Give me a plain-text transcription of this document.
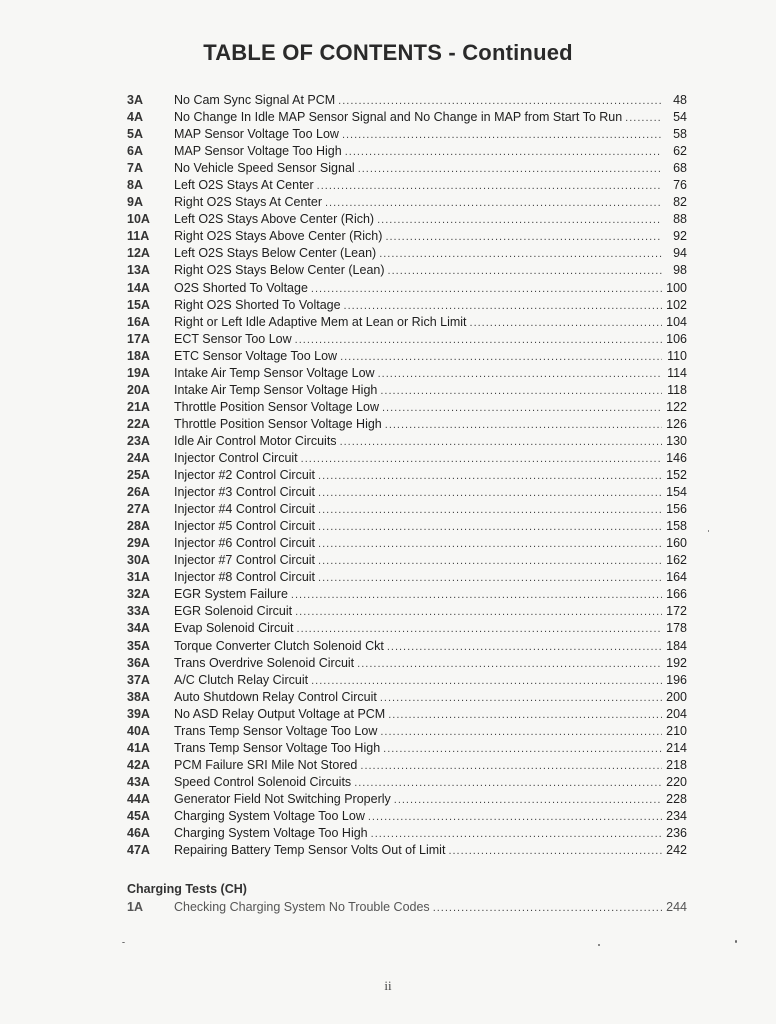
TABLE OF CONTENTS - Continued
3A	No Cam Sync Signal At PCM .....	48
4A	No Change In Idle MAP Sensor Signal and No Change in MAP from Start To Run .....	54
5A	MAP Sensor Voltage Too Low .....	58
6A	MAP Sensor Voltage Too High .....	62
7A	No Vehicle Speed Sensor Signal .....	68
8A	Left O2S Stays At Center .....	76
9A	Right O2S Stays At Center .....	82
10A	Left O2S Stays Above Center (Rich) .....	88
11A	Right O2S Stays Above Center (Rich) .....	92
12A	Left O2S Stays Below Center (Lean) .....	94
13A	Right O2S Stays Below Center (Lean) .....	98
14A	O2S Shorted To Voltage .....	100
15A	Right O2S Shorted To Voltage .....	102
16A	Right or Left Idle Adaptive Mem at Lean or Rich Limit .....	104
17A	ECT Sensor Too Low .....	106
18A	ETC Sensor Voltage Too Low .....	110
19A	Intake Air Temp Sensor Voltage Low .....	114
20A	Intake Air Temp Sensor Voltage High .....	118
21A	Throttle Position Sensor Voltage Low .....	122
22A	Throttle Position Sensor Voltage High .....	126
23A	Idle Air Control Motor Circuits .....	130
24A	Injector Control Circuit .....	146
25A	Injector #2 Control Circuit .....	152
26A	Injector #3 Control Circuit .....	154
27A	Injector #4 Control Circuit .....	156
28A	Injector #5 Control Circuit .....	158
29A	Injector #6 Control Circuit .....	160
30A	Injector #7 Control Circuit .....	162
31A	Injector #8 Control Circuit .....	164
32A	EGR System Failure .....	166
33A	EGR Solenoid Circuit .....	172
34A	Evap Solenoid Circuit .....	178
35A	Torque Converter Clutch Solenoid Ckt .....	184
36A	Trans Overdrive Solenoid Circuit .....	192
37A	A/C Clutch Relay Circuit .....	196
38A	Auto Shutdown Relay Control Circuit .....	200
39A	No ASD Relay Output Voltage at PCM .....	204
40A	Trans Temp Sensor Voltage Too Low .....	210
41A	Trans Temp Sensor Voltage Too High .....	214
42A	PCM Failure SRI Mile Not Stored .....	218
43A	Speed Control Solenoid Circuits .....	220
44A	Generator Field Not Switching Properly .....	228
45A	Charging System Voltage Too Low .....	234
46A	Charging System Voltage Too High .....	236
47A	Repairing Battery Temp Sensor Volts Out of Limit .....	242
Charging Tests (CH)
1A	Checking Charging System No Trouble Codes .....	244
ii
